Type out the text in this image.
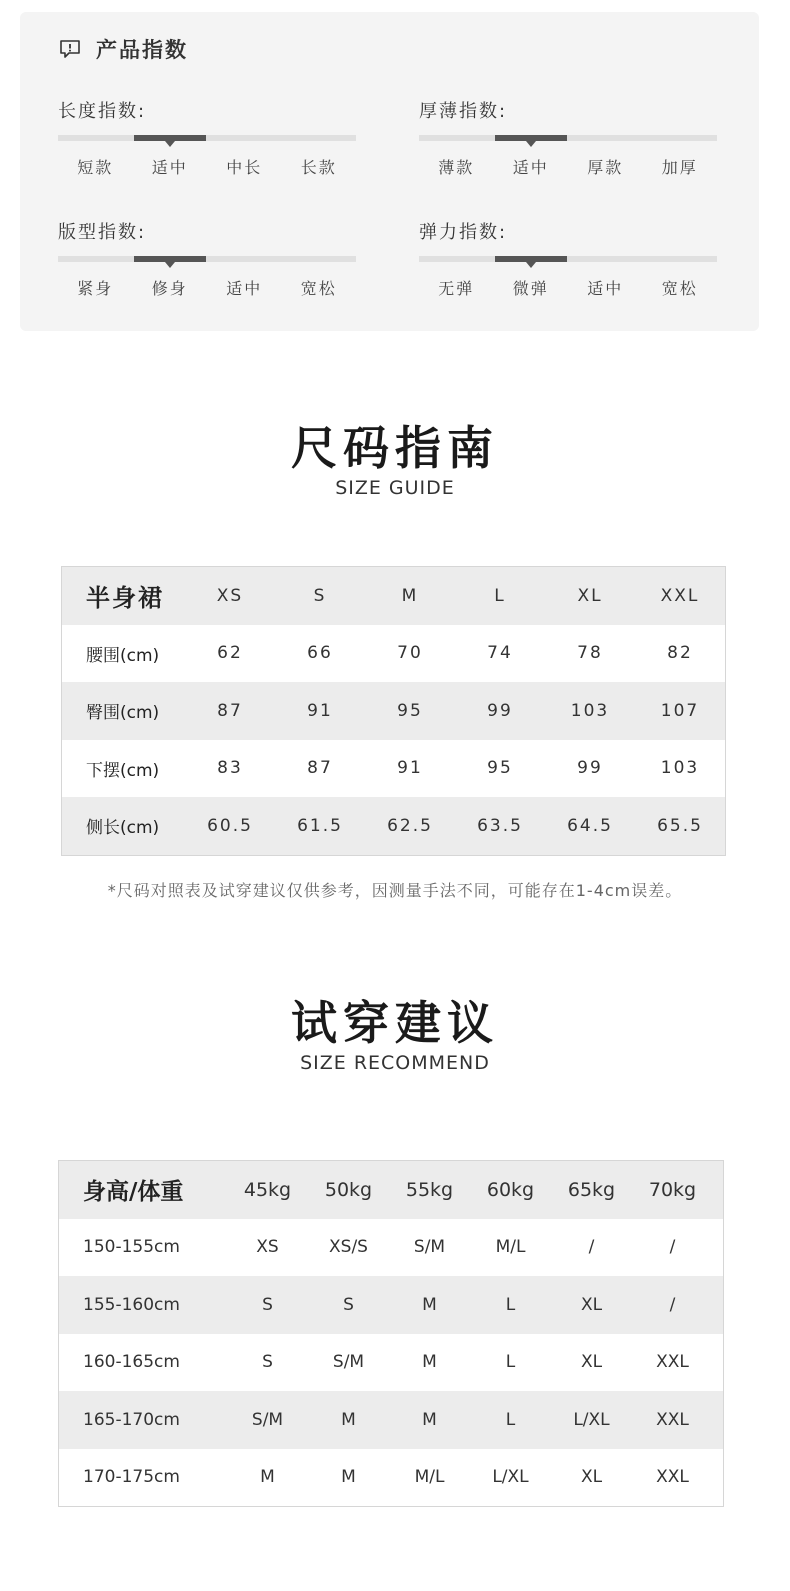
产品指数
长度指数:
短款	适中	中长	长款
厚薄指数:
薄款	适中	厚款	加厚
版型指数:
紧身	修身	适中	宽松
弹力指数:
无弹	微弹	适中	宽松
尺码指南
SIZE GUIDE
半身裙	XS	S	M	L	XL	XXL
腰围(cm)	62	66	70	74	78	82
臀围(cm)	87	91	95	99	103	107
下摆(cm)	83	87	91	95	99	103
侧长(cm)	60.5	61.5	62.5	63.5	64.5	65.5
*尺码对照表及试穿建议仅供参考，因测量手法不同，可能存在1-4cm误差。
试穿建议
SIZE RECOMMEND
身高/体重	45kg	50kg	55kg	60kg	65kg	70kg
150-155cm	XS	XS/S	S/M	M/L	/	/
155-160cm	S	S	M	L	XL	/
160-165cm	S	S/M	M	L	XL	XXL
165-170cm	S/M	M	M	L	L/XL	XXL
170-175cm	M	M	M/L	L/XL	XL	XXL
